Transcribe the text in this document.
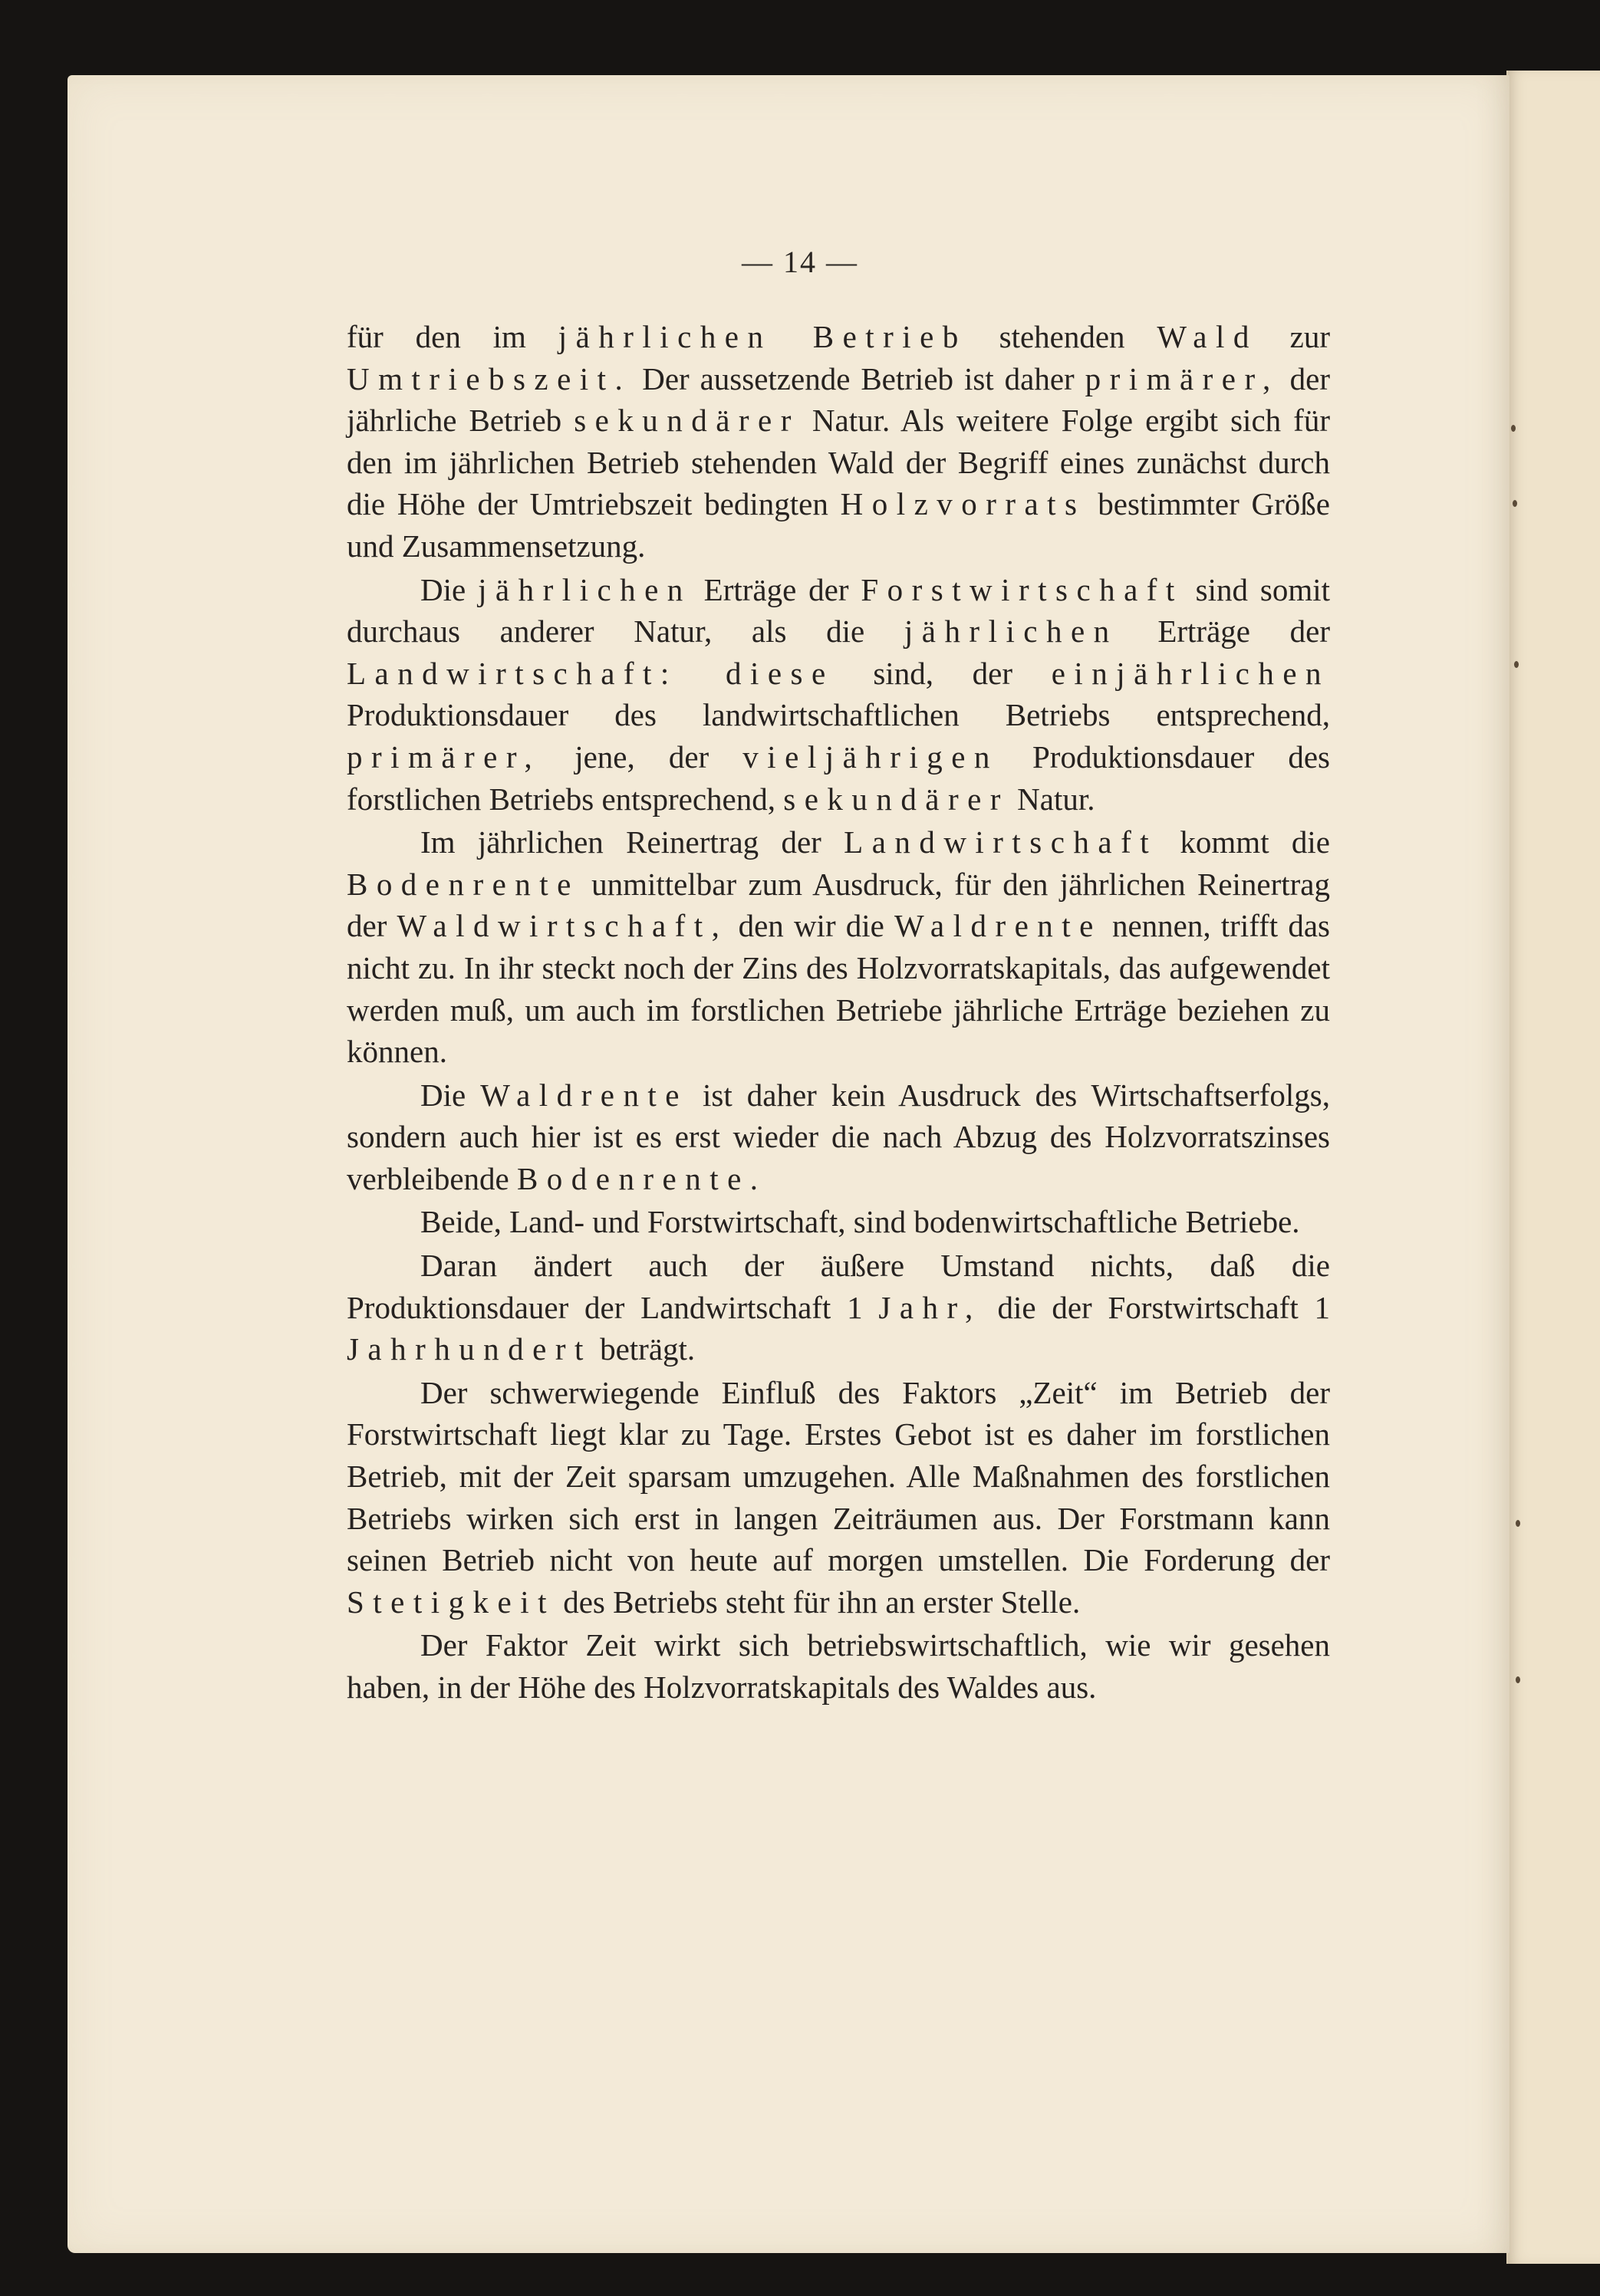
— 14 —

für den im jährlichen Betrieb stehenden Wald zur Umtriebszeit. Der aussetzende Betrieb ist daher primärer, der jährliche Betrieb sekundärer Natur. Als weitere Folge ergibt sich für den im jährlichen Betrieb stehenden Wald der Begriff eines zunächst durch die Höhe der Umtriebszeit bedingten Holzvorrats bestimmter Größe und Zusammensetzung.

Die jährlichen Erträge der Forstwirtschaft sind somit durchaus anderer Natur, als die jährlichen Erträge der Landwirtschaft: diese sind, der einjährlichen Produktionsdauer des landwirtschaftlichen Betriebs entsprechend, primärer, jene, der vieljährigen Produktionsdauer des forstlichen Betriebs entsprechend, sekundärer Natur.

Im jährlichen Reinertrag der Landwirtschaft kommt die Bodenrente unmittelbar zum Ausdruck, für den jährlichen Reinertrag der Waldwirtschaft, den wir die Waldrente nennen, trifft das nicht zu. In ihr steckt noch der Zins des Holzvorratskapitals, das aufgewendet werden muß, um auch im forstlichen Betriebe jährliche Erträge beziehen zu können.

Die Waldrente ist daher kein Ausdruck des Wirtschaftserfolgs, sondern auch hier ist es erst wieder die nach Abzug des Holzvorratszinses verbleibende Bodenrente.

Beide, Land- und Forstwirtschaft, sind bodenwirtschaftliche Betriebe.

Daran ändert auch der äußere Umstand nichts, daß die Produktionsdauer der Landwirtschaft 1 Jahr, die der Forstwirtschaft 1 Jahrhundert beträgt.

Der schwerwiegende Einfluß des Faktors „Zeit“ im Betrieb der Forstwirtschaft liegt klar zu Tage. Erstes Gebot ist es daher im forstlichen Betrieb, mit der Zeit sparsam umzugehen. Alle Maßnahmen des forstlichen Betriebs wirken sich erst in langen Zeiträumen aus. Der Forstmann kann seinen Betrieb nicht von heute auf morgen umstellen. Die Forderung der Stetigkeit des Betriebs steht für ihn an erster Stelle.

Der Faktor Zeit wirkt sich betriebswirtschaftlich, wie wir gesehen haben, in der Höhe des Holzvorratskapitals des Waldes aus.
